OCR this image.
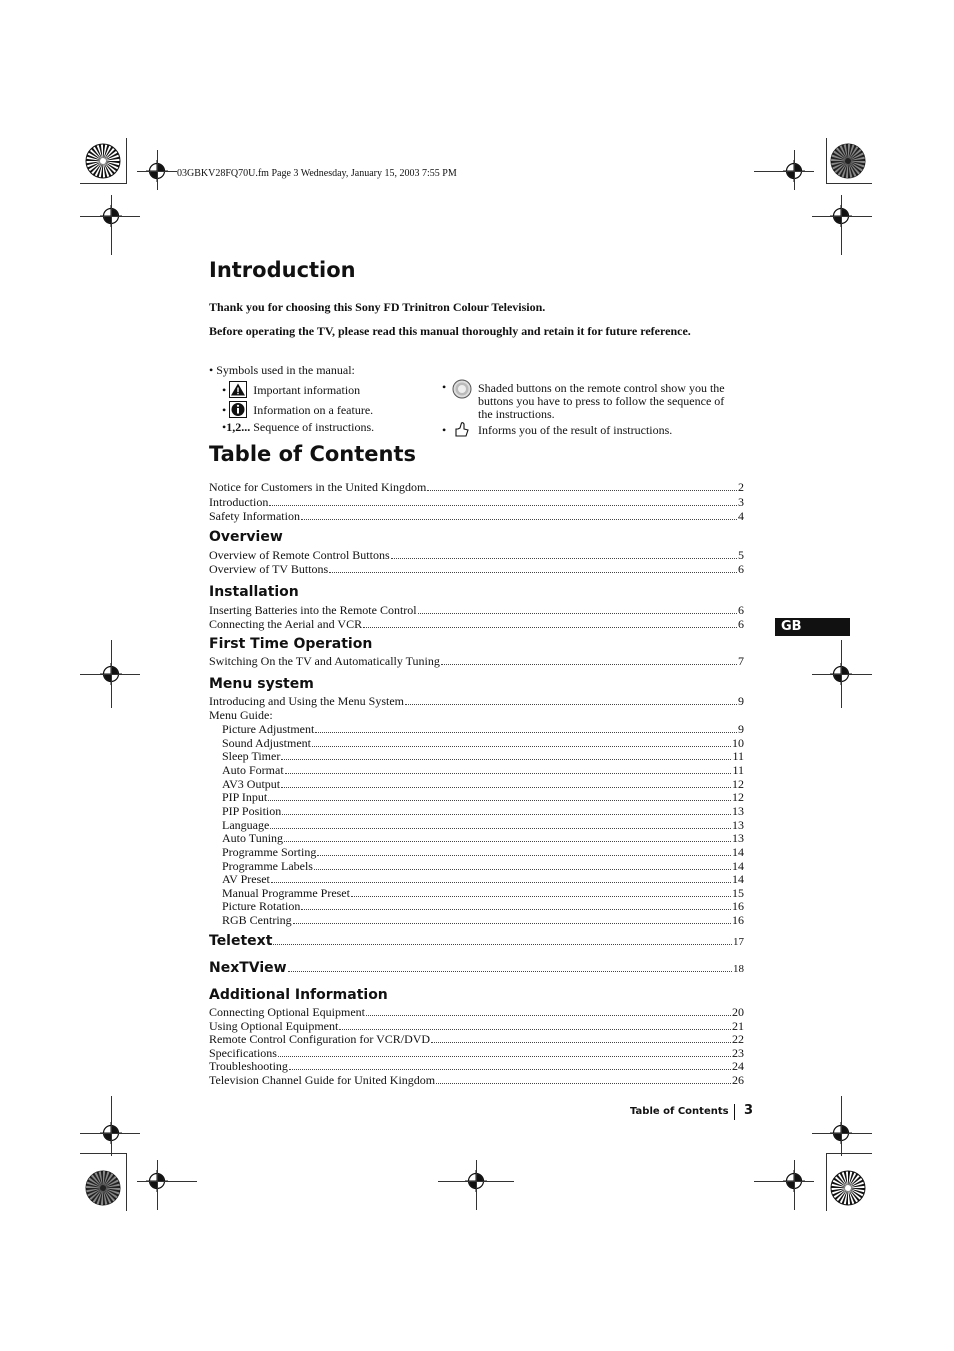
03GBKV28FQ70U.fm Page 3 Wednesday, January 15, 2003 7:55 PM
Introduction
Thank you for choosing this Sony FD Trinitron Colour Television.
Before operating the TV, please read this manual thoroughly and retain it for future reference.
• Symbols used in the manual:
•   Important information
•   Information on a feature.
•1,2... Sequence of instructions.
•	Shaded buttons on the remote control show you the buttons you have to press to follow the sequence of the instructions.
•	Informs you of the result of instructions.
Table of Contents
Notice for Customers in the United Kingdom	2
Introduction	3
Safety Information	4
Overview
Overview of Remote Control Buttons	5
Overview of TV Buttons	6
Installation
Inserting Batteries into the Remote Control	6
Connecting the Aerial and VCR	6
First Time Operation
Switching On the TV and Automatically Tuning	7
Menu system
Introducing and Using the Menu System	9
Menu Guide:
Picture Adjustment	9
Sound Adjustment	10
Sleep Timer	11
Auto Format	11
AV3 Output	12
PIP Input	12
PIP Position	13
Language	13
Auto Tuning	13
Programme Sorting	14
Programme Labels	14
AV Preset	14
Manual Programme Preset	15
Picture Rotation	16
RGB Centring	16
Teletext	17
NexTView	18
Additional Information
Connecting Optional Equipment	20
Using Optional Equipment	21
Remote Control Configuration for VCR/DVD	22
Specifications	23
Troubleshooting	24
Television Channel Guide for United Kingdom	26
GB
Table of Contents 3
